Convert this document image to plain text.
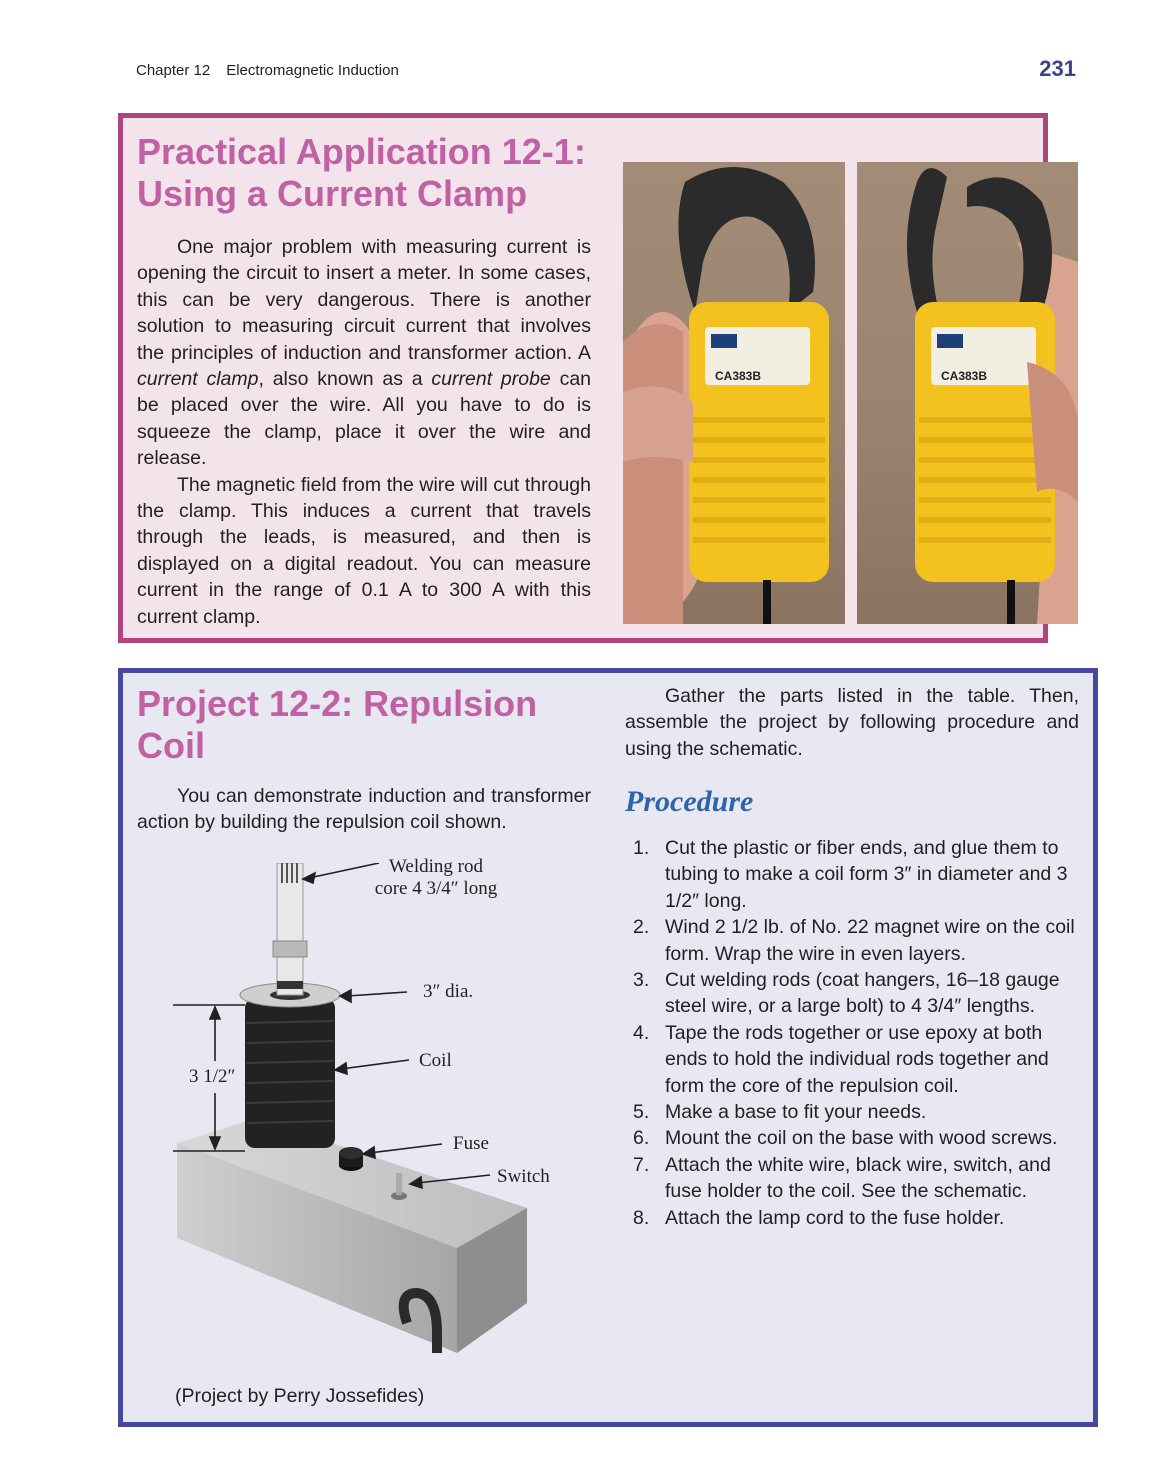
Chapter 12 Electromagnetic Induction	231
Practical Application 12-1:
Using a Current Clamp

One major problem with measuring current is opening the circuit to insert a meter. In some cases, this can be very dangerous. There is another solution to measuring circuit current that involves the principles of induction and transformer action. A current clamp, also known as a current probe can be placed over the wire. All you have to do is squeeze the clamp, place it over the wire and release.

The magnetic field from the wire will cut through the clamp. This induces a current that travels through the leads, is measured, and then is displayed on a digital readout. You can measure current in the range of 0.1 A to 300 A with this current clamp.

CA383B	CA383B
Project 12-2: Repulsion
Coil

You can demonstrate induction and transformer action by building the repulsion coil shown.

Welding rod
core 4 3/4″ long
3″ dia.
Coil
3 1/2″
Fuse
Switch
(Project by Perry Jossefides)

Gather the parts listed in the table. Then, assemble the project by following procedure and using the schematic.

Procedure
1. Cut the plastic or fiber ends, and glue them to tubing to make a coil form 3″ in diameter and 3 1/2″ long.
2. Wind 2 1/2 lb. of No. 22 magnet wire on the coil form. Wrap the wire in even layers.
3. Cut welding rods (coat hangers, 16–18 gauge steel wire, or a large bolt) to 4 3/4″ lengths.
4. Tape the rods together or use epoxy at both ends to hold the individual rods together and form the core of the repulsion coil.
5. Make a base to fit your needs.
6. Mount the coil on the base with wood screws.
7. Attach the white wire, black wire, switch, and fuse holder to the coil. See the schematic.
8. Attach the lamp cord to the fuse holder.
